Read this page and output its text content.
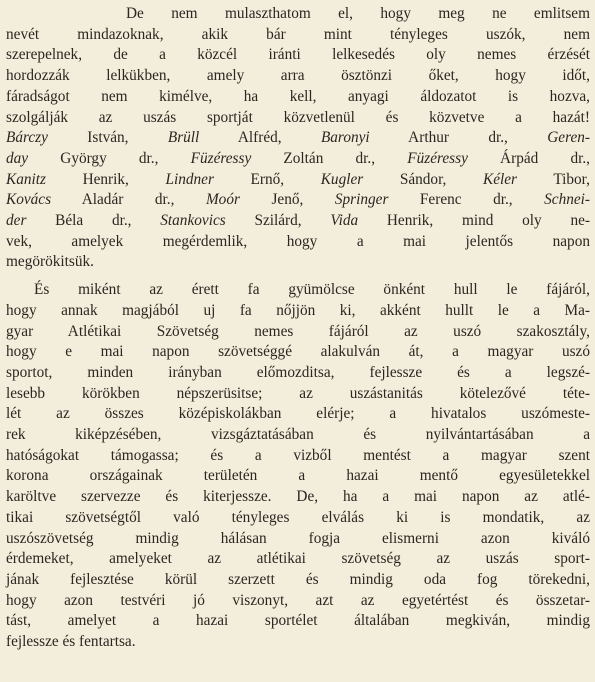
De nem mulaszthatom el, hogy meg ne emlitsem
nevét mindazoknak, akik bár mint tényleges uszók, nem
szerepelnek, de a közcél iránti lelkesedés oly nemes érzését
hordozzák lelkükben, amely arra ösztönzi őket, hogy időt,
fáradságot nem kimélve, ha kell, anyagi áldozatot is hozva,
szolgálják az uszás sportját közvetlenül és közvetve a hazát!
Bárczy István, Brüll Alfréd, Baronyi Arthur dr., Geren-
day György dr., Füzéressy Zoltán dr., Füzéressy Árpád dr.,
Kanitz Henrik, Lindner Ernő, Kugler Sándor, Kéler Tibor,
Kovács Aladár dr., Moór Jenő, Springer Ferenc dr., Schnei-
der Béla dr., Stankovics Szilárd, Vida Henrik, mind oly ne-
vek, amelyek megérdemlik, hogy a mai jelentős napon
megörökitsük.
És miként az érett fa gyümölcse önként hull le fájáról,
hogy annak magjából uj fa nőjjön ki, akként hullt le a Ma-
gyar Atlétikai Szövetség nemes fájáról az uszó szakosztály,
hogy e mai napon szövetséggé alakulván át, a magyar uszó
sportot, minden irányban előmozditsa, fejlesszе és a legszé-
lesebb körökben népszerüsitse; az uszástanitás kötelezővé téte-
lét az összes középiskolákban elérje; a hivatalos uszómeste-
rek kiképzésében, vizsgáztatásában és nyilvántartásában a
hatóságokat támogassa; és a vizből mentést a magyar szent
korona országainak területén a hazai mentő egyesületekkel
karöltve szervezze és kiterjessze. De, ha a mai napon az atlé-
tikai szövetségtől való tényleges elválás ki is mondatik, az
uszószövetség mindig hálásan fogja elismerni azon kiváló
érdemeket, amelyeket az atlétikai szövetség az uszás sport-
jának fejlesztése körül szerzett és mindig oda fog törekedni,
hogy azon testvéri jó viszonyt, azt az egyetértést és összetar-
tást, amelyet a hazai sportélet általában megkiván, mindig
fejlesszе és fentartsa.
